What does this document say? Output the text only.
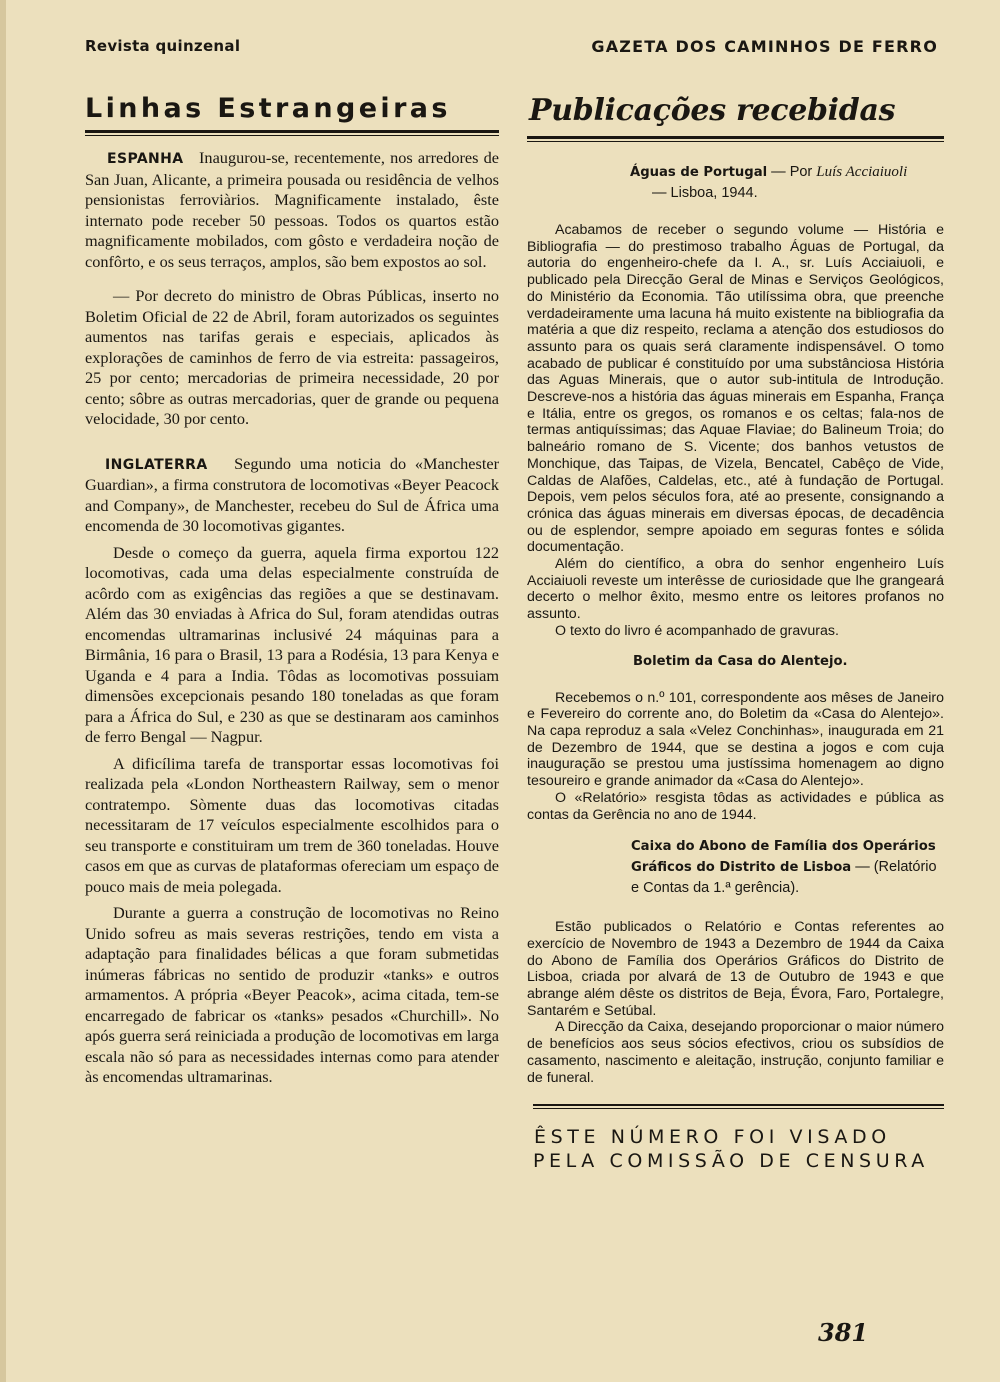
Revista quinzenal	GAZETA DOS CAMINHOS DE FERRO
Linhas Estrangeiras

ESPANHA Inaugurou-se, recentemente, nos arredores de San Juan, Alicante, a primeira pousada ou residência de velhos pensionistas ferroviàrios. Magnificamente instalado, êste internato pode receber 50 pessoas. Todos os quartos estão magnificamente mobilados, com gôsto e verdadeira noção de confôrto, e os seus terraços, amplos, são bem expostos ao sol.

— Por decreto do ministro de Obras Públicas, inserto no Boletim Oficial de 22 de Abril, foram autorizados os seguintes aumentos nas tarifas gerais e especiais, aplicados às explorações de caminhos de ferro de via estreita: passageiros, 25 por cento; mercadorias de primeira necessidade, 20 por cento; sôbre as outras mercadorias, quer de grande ou pequena velocidade, 30 por cento.

INGLATERRA Segundo uma noticia do «Manchester Guardian», a firma construtora de locomotivas «Beyer Peacock and Company», de Manchester, recebeu do Sul de África uma encomenda de 30 locomotivas gigantes.

Desde o começo da guerra, aquela firma exportou 122 locomotivas, cada uma delas especialmente construída de acôrdo com as exigências das regiões a que se destinavam. Além das 30 enviadas à Africa do Sul, foram atendidas outras encomendas ultramarinas inclusivé 24 máquinas para a Birmânia, 16 para o Brasil, 13 para a Rodésia, 13 para Kenya e Uganda e 4 para a India. Tôdas as locomotivas possuiam dimensões excepcionais pesando 180 toneladas as que foram para a África do Sul, e 230 as que se destinaram aos caminhos de ferro Bengal — Nagpur.

A dificílima tarefa de transportar essas locomotivas foi realizada pela «London Northeastern Railway, sem o menor contratempo. Sòmente duas das locomotivas citadas necessitaram de 17 veículos especialmente escolhidos para o seu transporte e constituiram um trem de 360 toneladas. Houve casos em que as curvas de plataformas ofereciam um espaço de pouco mais de meia polegada.

Durante a guerra a construção de locomotivas no Reino Unido sofreu as mais severas restrições, tendo em vista a adaptação para finalidades bélicas a que foram submetidas inúmeras fábricas no sentido de produzir «tanks» e outros armamentos. A própria «Beyer Peacok», acima citada, tem-se encarregado de fabricar os «tanks» pesados «Churchill». No após guerra será reiniciada a produção de locomotivas em larga escala não só para as necessidades internas como para atender às encomendas ultramarinas.

Publicações recebidas

Águas de Portugal — Por Luís Acciaiuoli
— Lisboa, 1944.

Acabamos de receber o segundo volume — História e Bibliografia — do prestimoso trabalho Águas de Portugal, da autoria do engenheiro-chefe da I. A., sr. Luís Acciaiuoli, e publicado pela Direcção Geral de Minas e Serviços Geológicos, do Ministério da Economia. Tão utilíssima obra, que preenche verdadeiramente uma lacuna há muito existente na bibliografia da matéria a que diz respeito, reclama a atenção dos estudiosos do assunto para os quais será claramente indispensável. O tomo acabado de publicar é constituído por uma substânciosa História das Aguas Minerais, que o autor sub-intitula de Introdução. Descreve-nos a história das águas minerais em Espanha, França e Itália, entre os gregos, os romanos e os celtas; fala-nos de termas antiquíssimas; das Aquae Flaviae; do Balineum Troia; do balneário romano de S. Vicente; dos banhos vetustos de Monchique, das Taipas, de Vizela, Bencatel, Cabêço de Vide, Caldas de Alafões, Caldelas, etc., até à fundação de Portugal. Depois, vem pelos séculos fora, até ao presente, consignando a crónica das águas minerais em diversas épocas, de decadência ou de esplendor, sempre apoiado em seguras fontes e sólida documentação.

Além do científico, a obra do senhor engenheiro Luís Acciaiuoli reveste um interêsse de curiosidade que lhe grangeará decerto o melhor êxito, mesmo entre os leitores profanos no assunto.

O texto do livro é acompanhado de gravuras.

Boletim da Casa do Alentejo.

Recebemos o n.º 101, correspondente aos mêses de Janeiro e Fevereiro do corrente ano, do Boletim da «Casa do Alentejo». Na capa reproduz a sala «Velez Conchinhas», inaugurada em 21 de Dezembro de 1944, que se destina a jogos e com cuja inauguração se prestou uma justíssima homenagem ao digno tesoureiro e grande animador da «Casa do Alentejo».

O «Relatório» resgista tôdas as actividades e pública as contas da Gerência no ano de 1944.

Caixa do Abono de Família dos Operários Gráficos do Distrito de Lisboa — (Relatório e Contas da 1.ª gerência).

Estão publicados o Relatório e Contas referentes ao exercício de Novembro de 1943 a Dezembro de 1944 da Caixa do Abono de Família dos Operários Gráficos do Distrito de Lisboa, criada por alvará de 13 de Outubro de 1943 e que abrange além dêste os distritos de Beja, Évora, Faro, Portalegre, Santarém e Setúbal.

A Direcção da Caixa, desejando proporcionar o maior número de benefícios aos seus sócios efectivos, criou os subsídios de casamento, nascimento e aleitação, instrução, conjunto familiar e de funeral.

ÊSTE NÚMERO FOI VISADO

PELA COMISSÃO DE CENSURA

381
